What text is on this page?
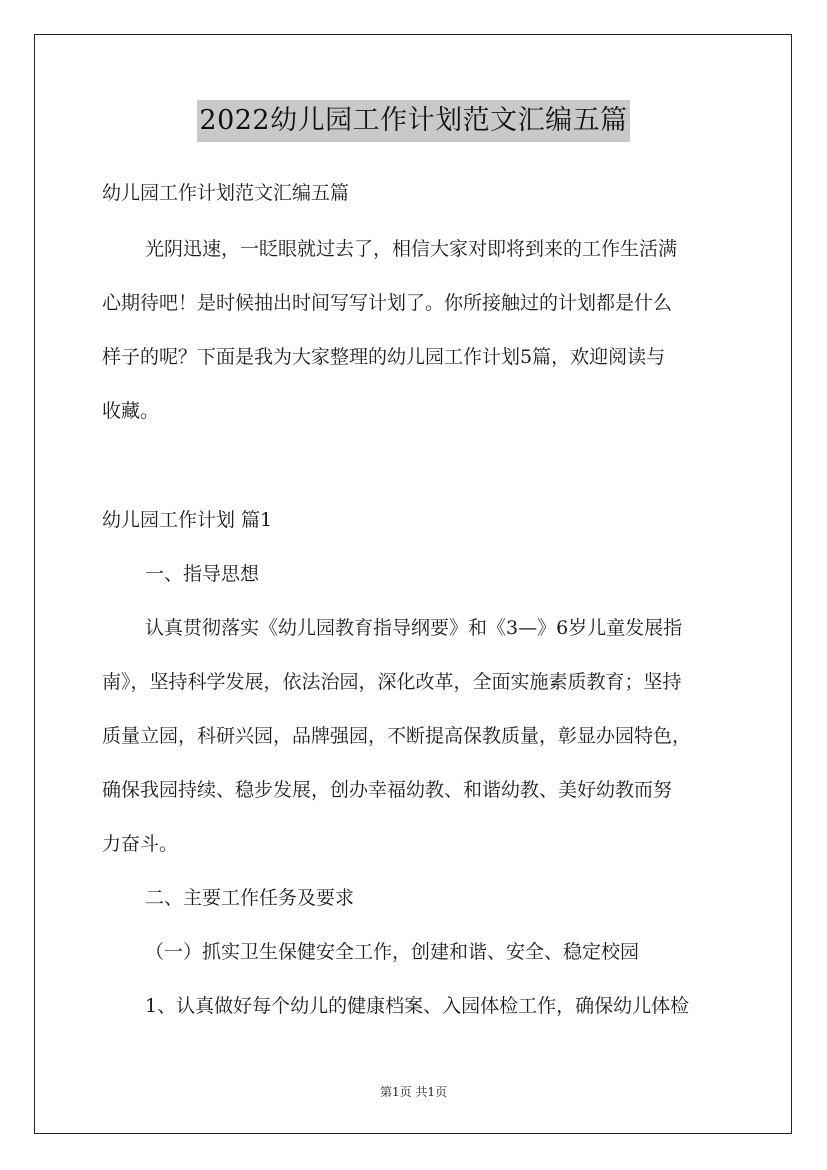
2022幼儿园工作计划范文汇编五篇
幼儿园工作计划范文汇编五篇
光阴迅速，一眨眼就过去了，相信大家对即将到来的工作生活满
心期待吧！是时候抽出时间写写计划了。你所接触过的计划都是什么
样子的呢？下面是我为大家整理的幼儿园工作计划5篇，欢迎阅读与
收藏。
幼儿园工作计划 篇1
一、指导思想
认真贯彻落实《幼儿园教育指导纲要》和《3—》6岁儿童发展指
南》，坚持科学发展，依法治园，深化改革，全面实施素质教育；坚持
质量立园，科研兴园，品牌强园，不断提高保教质量，彰显办园特色，
确保我园持续、稳步发展，创办幸福幼教、和谐幼教、美好幼教而努
力奋斗。
二、主要工作任务及要求
（一）抓实卫生保健安全工作，创建和谐、安全、稳定校园
1、认真做好每个幼儿的健康档案、入园体检工作，确保幼儿体检
第1页 共1页
